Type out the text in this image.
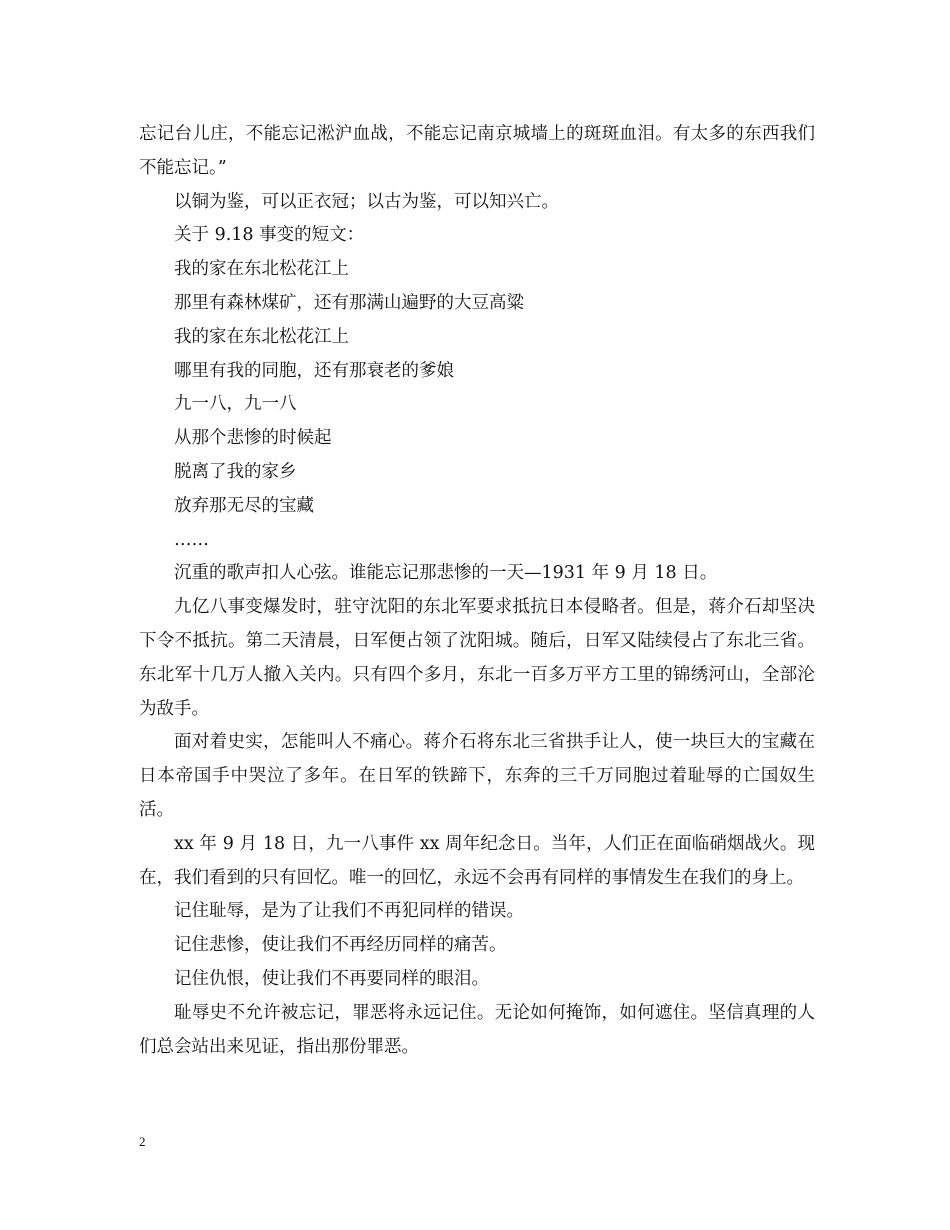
忘记台儿庄，不能忘记淞沪血战，不能忘记南京城墙上的斑斑血泪。有太多的东西我们不能忘记。”

以铜为鉴，可以正衣冠；以古为鉴，可以知兴亡。

关于 9.18 事变的短文：

我的家在东北松花江上

那里有森林煤矿，还有那满山遍野的大豆高粱

我的家在东北松花江上

哪里有我的同胞，还有那衰老的爹娘

九一八，九一八

从那个悲惨的时候起

脱离了我的家乡

放弃那无尽的宝藏

……

沉重的歌声扣人心弦。谁能忘记那悲惨的一天—1931 年 9 月 18 日。

九亿八事变爆发时，驻守沈阳的东北军要求抵抗日本侵略者。但是，蒋介石却坚决下令不抵抗。第二天清晨，日军便占领了沈阳城。随后，日军又陆续侵占了东北三省。东北军十几万人撤入关内。只有四个多月，东北一百多万平方工里的锦绣河山，全部沦为敌手。

面对着史实，怎能叫人不痛心。蒋介石将东北三省拱手让人，使一块巨大的宝藏在日本帝国手中哭泣了多年。在日军的铁蹄下，东奔的三千万同胞过着耻辱的亡国奴生活。

xx 年 9 月 18 日，九一八事件 xx 周年纪念日。当年，人们正在面临硝烟战火。现在，我们看到的只有回忆。唯一的回忆，永远不会再有同样的事情发生在我们的身上。

记住耻辱，是为了让我们不再犯同样的错误。

记住悲惨，使让我们不再经历同样的痛苦。

记住仇恨，使让我们不再要同样的眼泪。

耻辱史不允许被忘记，罪恶将永远记住。无论如何掩饰，如何遮住。坚信真理的人们总会站出来见证，指出那份罪恶。

2
